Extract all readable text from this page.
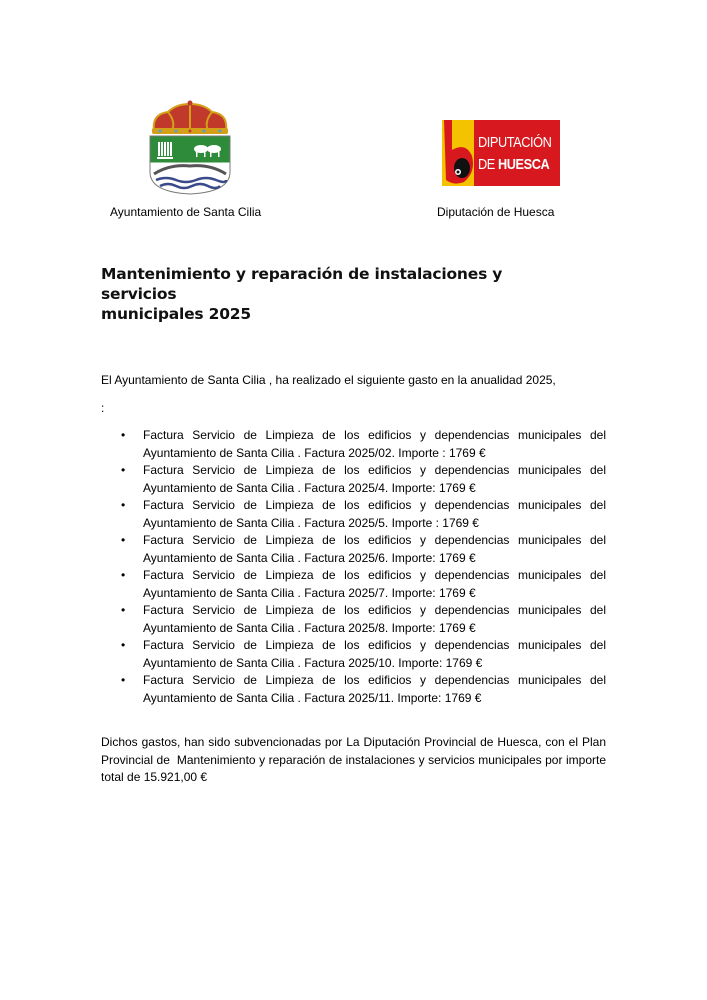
Ayuntamiento de Santa Cilia
DIPUTACIÓN
DE HUESCA
Diputación de Huesca
Mantenimiento y reparación de instalaciones y servicios
municipales 2025
El Ayuntamiento de Santa Cilia , ha realizado el siguiente gasto en la anualidad 2025,
:
• Factura Servicio de Limpieza de los edificios y dependencias municipales del
Ayuntamiento de Santa Cilia . Factura 2025/02. Importe : 1769 €
• Factura Servicio de Limpieza de los edificios y dependencias municipales del
Ayuntamiento de Santa Cilia . Factura 2025/4. Importe: 1769 €
• Factura Servicio de Limpieza de los edificios y dependencias municipales del
Ayuntamiento de Santa Cilia . Factura 2025/5. Importe : 1769 €
• Factura Servicio de Limpieza de los edificios y dependencias municipales del
Ayuntamiento de Santa Cilia . Factura 2025/6. Importe: 1769 €
• Factura Servicio de Limpieza de los edificios y dependencias municipales del
Ayuntamiento de Santa Cilia . Factura 2025/7. Importe: 1769 €
• Factura Servicio de Limpieza de los edificios y dependencias municipales del
Ayuntamiento de Santa Cilia . Factura 2025/8. Importe: 1769 €
• Factura Servicio de Limpieza de los edificios y dependencias municipales del
Ayuntamiento de Santa Cilia . Factura 2025/10. Importe: 1769 €
• Factura Servicio de Limpieza de los edificios y dependencias municipales del
Ayuntamiento de Santa Cilia . Factura 2025/11. Importe: 1769 €
Dichos gastos, han sido subvencionadas por La Diputación Provincial de Huesca, con el Plan
Provincial de  Mantenimiento y reparación de instalaciones y servicios municipales por importe
total de 15.921,00 €
